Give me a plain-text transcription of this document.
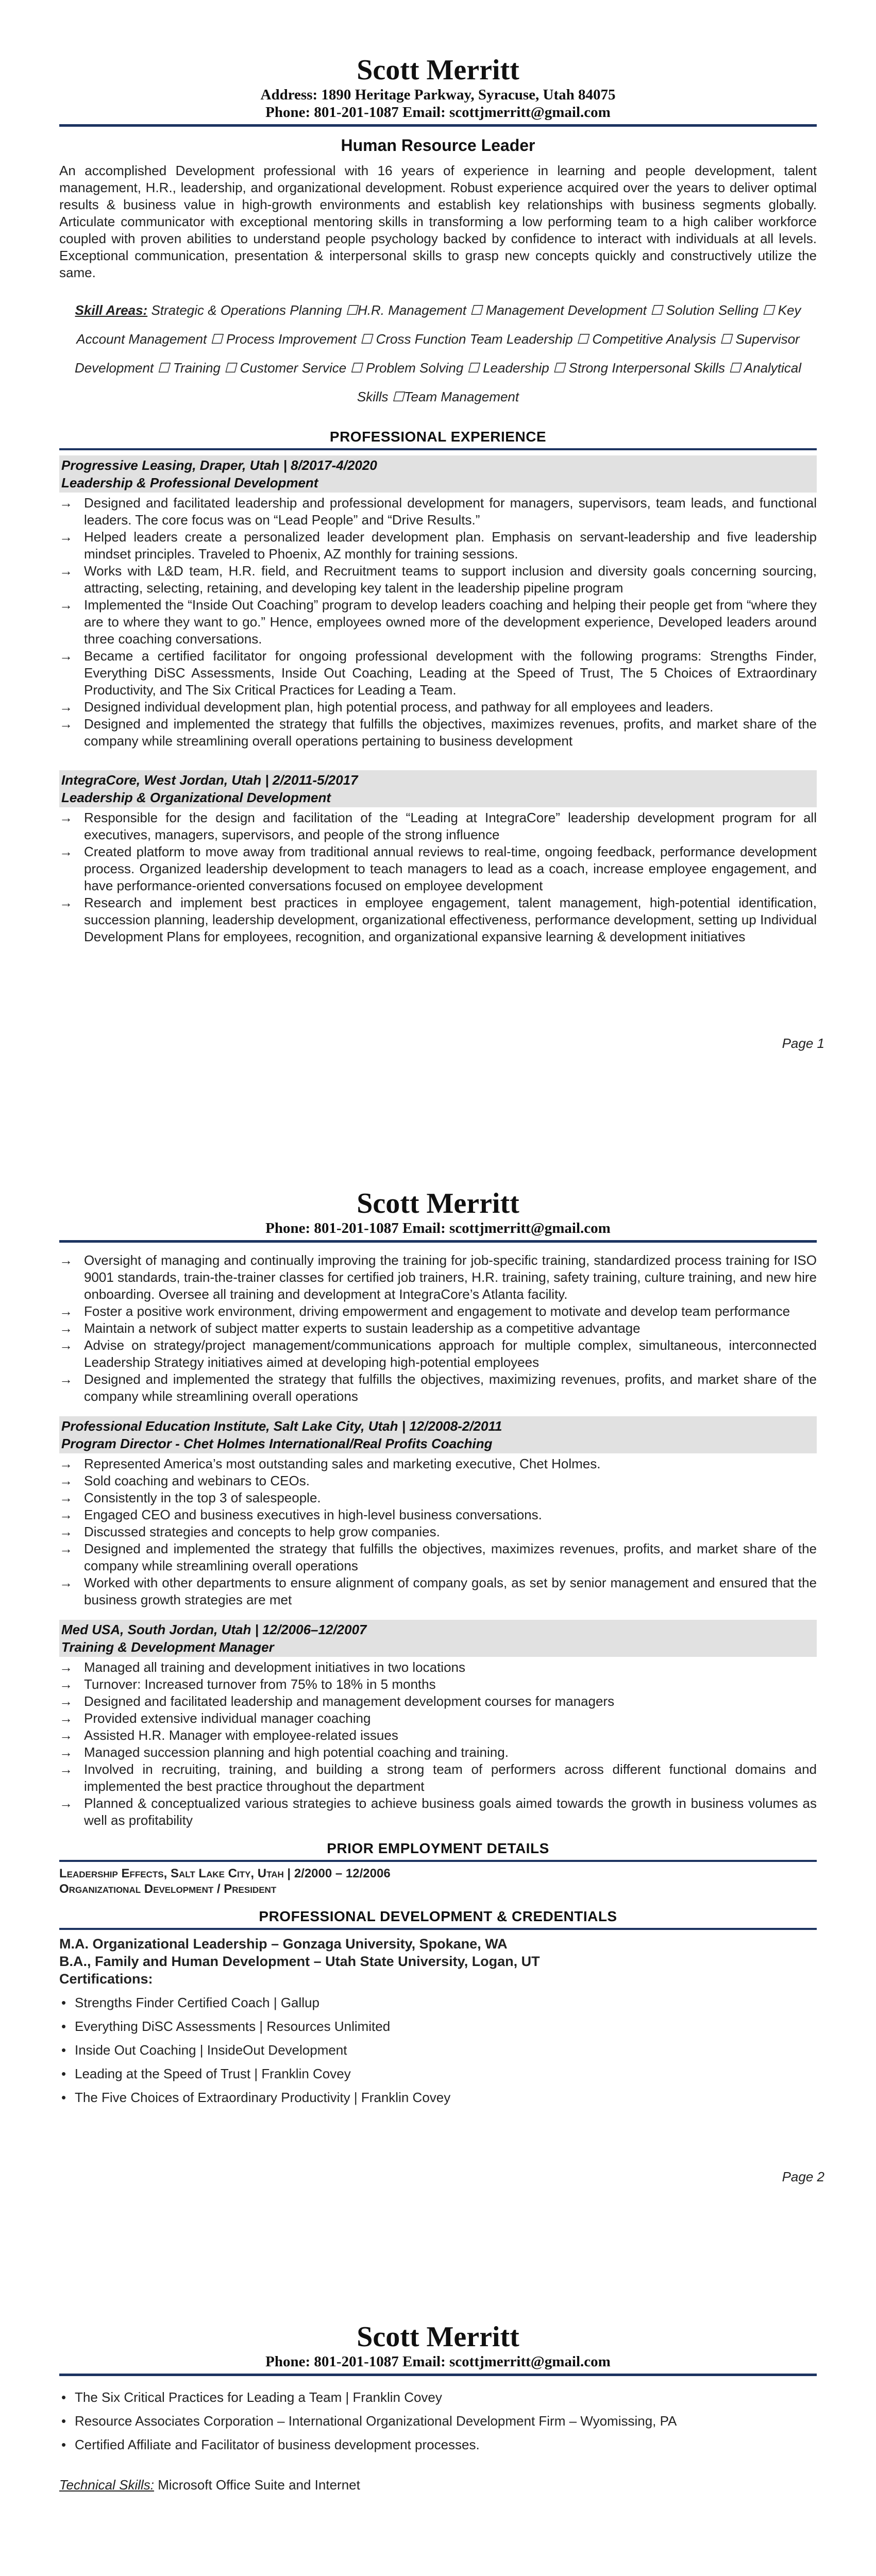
Scott Merritt
Address: 1890 Heritage Parkway, Syracuse, Utah 84075
Phone: 801-201-1087 Email: scottjmerritt@gmail.com
Human Resource Leader
An accomplished Development professional with 16 years of experience in learning and people development, talent management, H.R., leadership, and organizational development. Robust experience acquired over the years to deliver optimal results & business value in high-growth environments and establish key relationships with business segments globally. Articulate communicator with exceptional mentoring skills in transforming a low performing team to a high caliber workforce coupled with proven abilities to understand people psychology backed by confidence to interact with individuals at all levels. Exceptional communication, presentation & interpersonal skills to grasp new concepts quickly and constructively utilize the same.
Skill Areas: Strategic & Operations Planning ☐H.R. Management ☐ Management Development ☐ Solution Selling ☐ Key Account Management ☐ Process Improvement ☐ Cross Function Team Leadership ☐ Competitive Analysis ☐ Supervisor Development ☐ Training ☐ Customer Service ☐ Problem Solving ☐ Leadership ☐ Strong Interpersonal Skills ☐ Analytical Skills ☐Team Management
PROFESSIONAL EXPERIENCE
Progressive Leasing, Draper, Utah | 8/2017-4/2020
Leadership & Professional Development
→ Designed and facilitated leadership and professional development for managers, supervisors, team leads, and functional leaders. The core focus was on “Lead People” and “Drive Results.”
→ Helped leaders create a personalized leader development plan. Emphasis on servant-leadership and five leadership mindset principles. Traveled to Phoenix, AZ monthly for training sessions.
→ Works with L&D team, H.R. field, and Recruitment teams to support inclusion and diversity goals concerning sourcing, attracting, selecting, retaining, and developing key talent in the leadership pipeline program
→ Implemented the “Inside Out Coaching” program to develop leaders coaching and helping their people get from “where they are to where they want to go.” Hence, employees owned more of the development experience, Developed leaders around three coaching conversations.
→ Became a certified facilitator for ongoing professional development with the following programs: Strengths Finder, Everything DiSC Assessments, Inside Out Coaching, Leading at the Speed of Trust, The 5 Choices of Extraordinary Productivity, and The Six Critical Practices for Leading a Team.
→ Designed individual development plan, high potential process, and pathway for all employees and leaders.
→ Designed and implemented the strategy that fulfills the objectives, maximizes revenues, profits, and market share of the company while streamlining overall operations pertaining to business development
IntegraCore, West Jordan, Utah | 2/2011-5/2017
Leadership & Organizational Development
→ Responsible for the design and facilitation of the “Leading at IntegraCore” leadership development program for all executives, managers, supervisors, and people of the strong influence
→ Created platform to move away from traditional annual reviews to real-time, ongoing feedback, performance development process. Organized leadership development to teach managers to lead as a coach, increase employee engagement, and have performance-oriented conversations focused on employee development
→ Research and implement best practices in employee engagement, talent management, high-potential identification, succession planning, leadership development, organizational effectiveness, performance development, setting up Individual Development Plans for employees, recognition, and organizational expansive learning & development initiatives
Page 1
Scott Merritt
Phone: 801-201-1087 Email: scottjmerritt@gmail.com
→ Oversight of managing and continually improving the training for job-specific training, standardized process training for ISO 9001 standards, train-the-trainer classes for certified job trainers, H.R. training, safety training, culture training, and new hire onboarding. Oversee all training and development at IntegraCore’s Atlanta facility.
→ Foster a positive work environment, driving empowerment and engagement to motivate and develop team performance
→ Maintain a network of subject matter experts to sustain leadership as a competitive advantage
→ Advise on strategy/project management/communications approach for multiple complex, simultaneous, interconnected Leadership Strategy initiatives aimed at developing high-potential employees
→ Designed and implemented the strategy that fulfills the objectives, maximizing revenues, profits, and market share of the company while streamlining overall operations
Professional Education Institute, Salt Lake City, Utah | 12/2008-2/2011
Program Director - Chet Holmes International/Real Profits Coaching
→ Represented America’s most outstanding sales and marketing executive, Chet Holmes.
→ Sold coaching and webinars to CEOs.
→ Consistently in the top 3 of salespeople.
→ Engaged CEO and business executives in high-level business conversations.
→ Discussed strategies and concepts to help grow companies.
→ Designed and implemented the strategy that fulfills the objectives, maximizes revenues, profits, and market share of the company while streamlining overall operations
→ Worked with other departments to ensure alignment of company goals, as set by senior management and ensured that the business growth strategies are met
Med USA, South Jordan, Utah | 12/2006–12/2007
Training & Development Manager
→ Managed all training and development initiatives in two locations
→ Turnover: Increased turnover from 75% to 18% in 5 months
→ Designed and facilitated leadership and management development courses for managers
→ Provided extensive individual manager coaching
→ Assisted H.R. Manager with employee-related issues
→ Managed succession planning and high potential coaching and training.
→ Involved in recruiting, training, and building a strong team of performers across different functional domains and implemented the best practice throughout the department
→ Planned & conceptualized various strategies to achieve business goals aimed towards the growth in business volumes as well as profitability
PRIOR EMPLOYMENT DETAILS
Leadership Effects, Salt Lake City, Utah | 2/2000 – 12/2006
Organizational Development / President
PROFESSIONAL DEVELOPMENT & CREDENTIALS
M.A. Organizational Leadership – Gonzaga University, Spokane, WA
B.A., Family and Human Development – Utah State University, Logan, UT
Certifications:
• Strengths Finder Certified Coach | Gallup
• Everything DiSC Assessments | Resources Unlimited
• Inside Out Coaching | InsideOut Development
• Leading at the Speed of Trust | Franklin Covey
• The Five Choices of Extraordinary Productivity | Franklin Covey
Page 2
Scott Merritt
Phone: 801-201-1087 Email: scottjmerritt@gmail.com
• The Six Critical Practices for Leading a Team | Franklin Covey
• Resource Associates Corporation – International Organizational Development Firm – Wyomissing, PA
• Certified Affiliate and Facilitator of business development processes.
Technical Skills: Microsoft Office Suite and Internet
